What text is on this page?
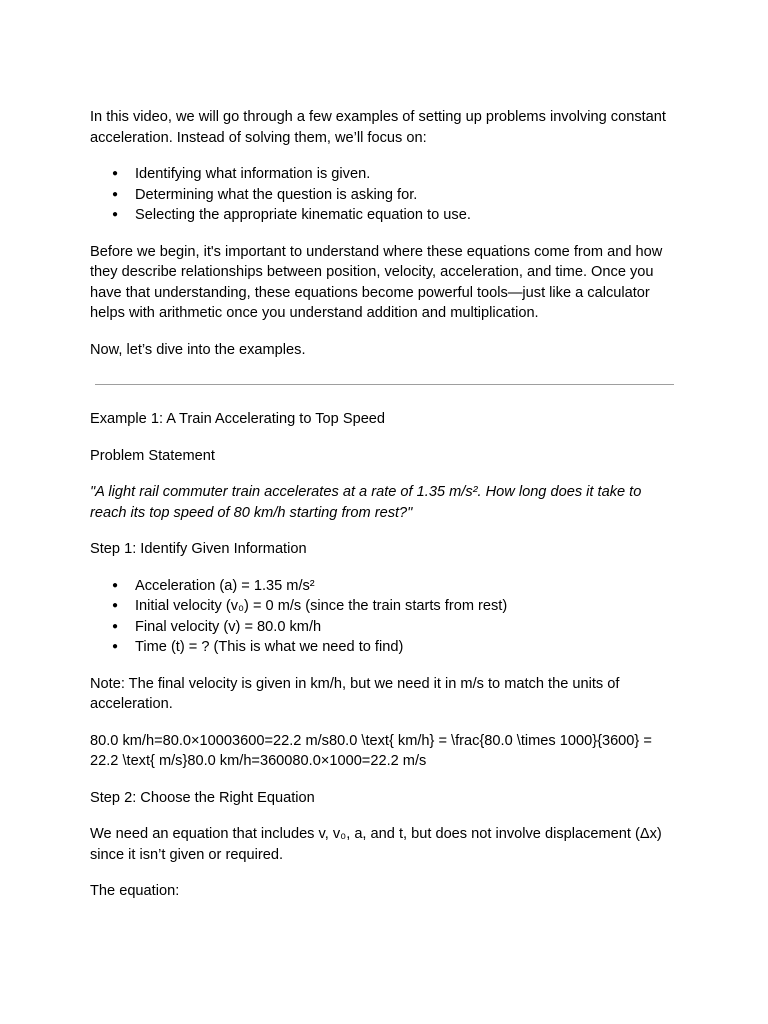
In this video, we will go through a few examples of setting up problems involving constant acceleration. Instead of solving them, we’ll focus on:

● Identifying what information is given.
● Determining what the question is asking for.
● Selecting the appropriate kinematic equation to use.

Before we begin, it's important to understand where these equations come from and how they describe relationships between position, velocity, acceleration, and time. Once you have that understanding, these equations become powerful tools—just like a calculator helps with arithmetic once you understand addition and multiplication.

Now, let’s dive into the examples.

Example 1: A Train Accelerating to Top Speed

Problem Statement

"A light rail commuter train accelerates at a rate of 1.35 m/s². How long does it take to reach its top speed of 80 km/h starting from rest?"

Step 1: Identify Given Information

● Acceleration (a) = 1.35 m/s²
● Initial velocity (v₀) = 0 m/s (since the train starts from rest)
● Final velocity (v) = 80.0 km/h
● Time (t) = ? (This is what we need to find)

Note: The final velocity is given in km/h, but we need it in m/s to match the units of acceleration.

80.0 km/h=80.0×10003600=22.2 m/s80.0 \text{ km/h} = \frac{80.0 \times 1000}{3600} = 22.2 \text{ m/s}80.0 km/h=360080.0×1000​=22.2 m/s

Step 2: Choose the Right Equation

We need an equation that includes v, v₀, a, and t, but does not involve displacement (Δx) since it isn’t given or required.

The equation:
